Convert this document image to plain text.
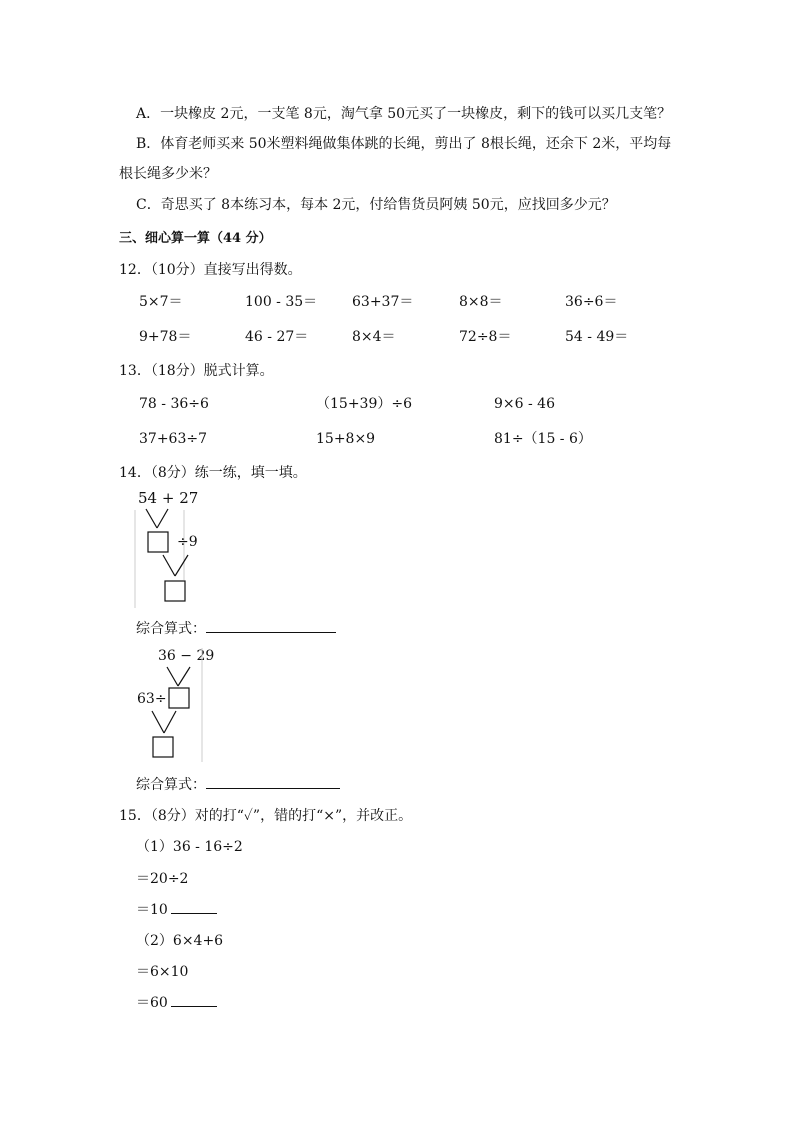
A．一块橡皮 2元，一支笔 8元，淘气拿 50元买了一块橡皮，剩下的钱可以买几支笔？
B．体育老师买来 50米塑料绳做集体跳的长绳，剪出了 8根长绳，还余下 2米，平均每
根长绳多少米？
C．奇思买了 8本练习本，每本 2元，付给售货员阿姨 50元，应找回多少元？
三、细心算一算（44 分）
12．（10分）直接写出得数。
5×7＝	100 - 35＝ 63+37＝	8×8＝	36÷6＝
9+78＝	46 - 27＝	8×4＝	72÷8＝	54 - 49＝
13．（18分）脱式计算。
78 - 36÷6	（15+39）÷6	9×6 - 46
37+63÷7	15+8×9	81÷（15 - 6）
14．（8分）练一练，填一填。
54 + 27
÷9
综合算式：
36 − 29
63÷
综合算式：
15．（8分）对的打“✓”，错的打“×”，并改正。
（1）36 - 16÷2
＝20÷2
＝10
（2）6×4+6
＝6×10
＝60
